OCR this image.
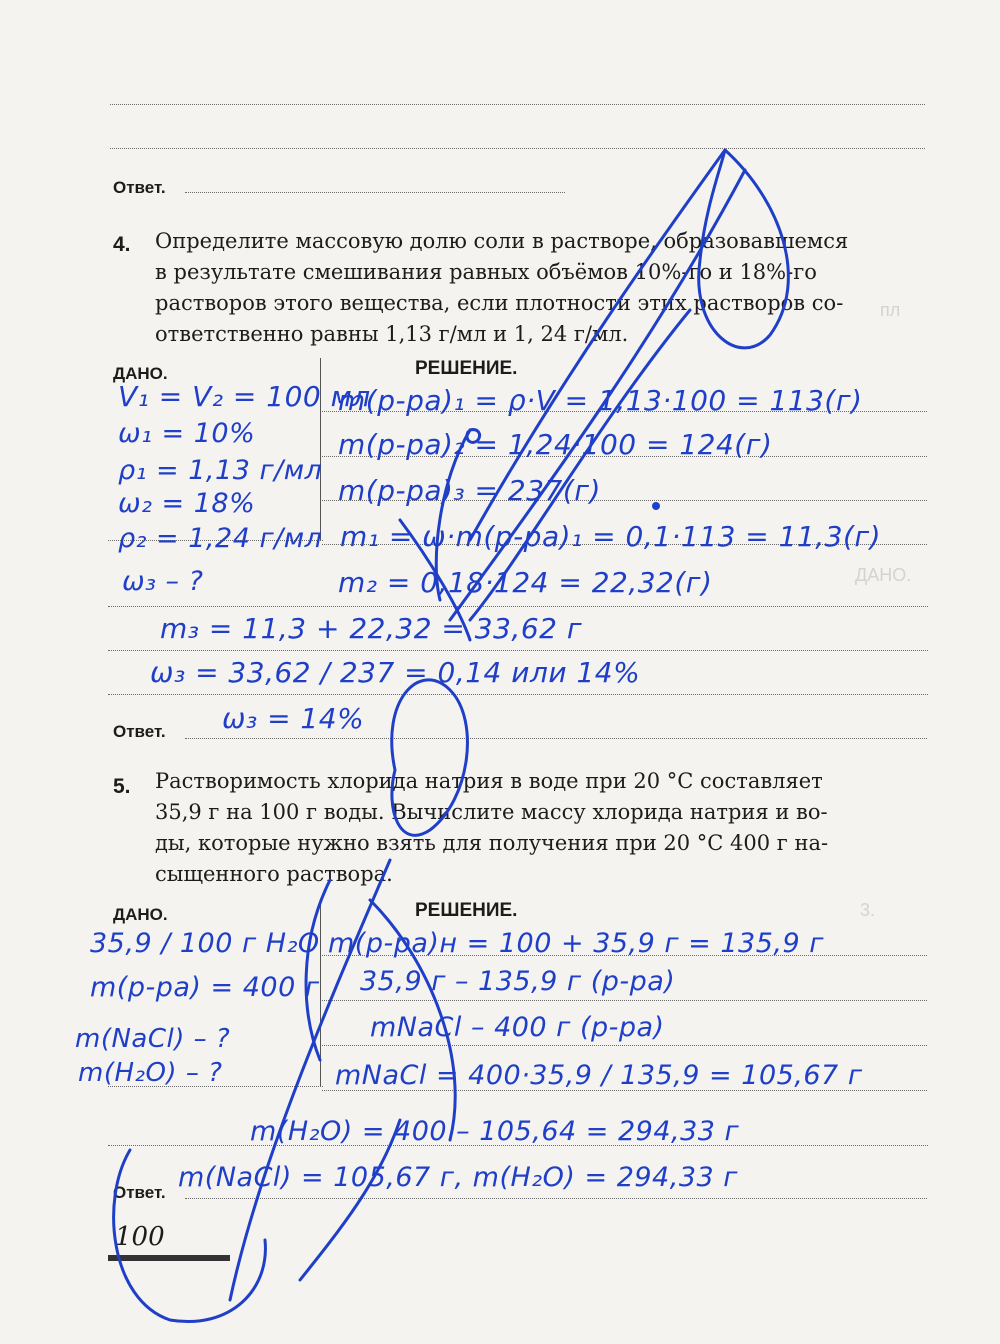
пл
ДАНО.
3.
Ответ.
4. Определите массовую долю соли в растворе, образовавшемся
в результате смешивания равных объёмов 10%-го и 18%-го
растворов этого вещества, если плотности этих растворов со-
ответственно равны 1,13 г/мл и 1, 24 г/мл.
ДАНО.	РЕШЕНИЕ.
Ответ.
V₁ = V₂ = 100 мл
ω₁ = 10%
ρ₁ = 1,13 г/мл
ω₂ = 18%
ρ₂ = 1,24 г/мл
ω₃ – ?
m(р-ра)₁ = ρ·V = 1,13·100 = 113(г)
m(р-ра)₂ = 1,24·100 = 124(г)
m(р-ра)₃ = 237(г)
m₁ = ω·m(р-ра)₁ = 0,1·113 = 11,3(г)
m₂ = 0,18·124 = 22,32(г)
m₃ = 11,3 + 22,32 = 33,62 г
ω₃ = 33,62 / 237 = 0,14 или 14%
ω₃ = 14%
5. Растворимость хлорида натрия в воде при 20 °С составляет
35,9 г на 100 г воды. Вычислите массу хлорида натрия и во-
ды, которые нужно взять для получения при 20 °С 400 г на-
сыщенного раствора.
ДАНО.	РЕШЕНИЕ.
Ответ.
35,9 / 100 г H₂O
m(р-ра) = 400 г
m(NaCl) – ?
m(H₂O) – ?
m(р-ра)н = 100 + 35,9 г = 135,9 г
35,9 г – 135,9 г (р-ра)
mNaCl – 400 г (р-ра)
mNaCl = 400·35,9 / 135,9 = 105,67 г
m(H₂O) = 400 – 105,64 = 294,33 г
m(NaCl) = 105,67 г, m(H₂O) = 294,33 г
100
